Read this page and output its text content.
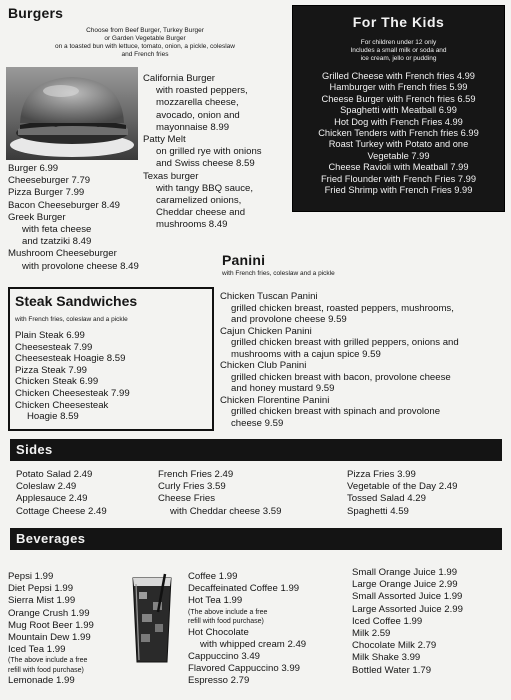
Burgers
Choose from Beef Burger, Turkey Burger
or Garden Vegetable Burger
on a toasted bun with lettuce, tomato, onion, a pickle, coleslaw
and French fries
California Burger
with roasted peppers,
mozzarella cheese,
avocado, onion and
mayonnaise 8.99
Patty Melt
on grilled rye with onions
and Swiss cheese 8.59
Texas burger
with tangy BBQ sauce,
caramelized onions,
Cheddar cheese and
mushrooms 8.49
Burger 6.99
Cheeseburger 7.79
Pizza Burger 7.99
Bacon Cheeseburger 8.49
Greek Burger
with feta cheese
and tzatziki 8.49
Mushroom Cheeseburger
with provolone cheese 8.49
For The Kids
For children under 12 only
Includes a small milk or soda and
ice cream, jello or pudding
Grilled Cheese with French fries 4.99
Hamburger with French fries 5.99
Cheese Burger with French fries 6.59
Spaghetti with Meatball 6.99
Hot Dog with French Fries 4.99
Chicken Tenders with French fries 6.99
Roast Turkey with Potato and one
Vegetable 7.99
Cheese Ravioli with Meatball 7.99
Fried Flounder with French Fries 7.99
Fried Shrimp with French Fries 9.99
Panini
with French fries, coleslaw and a pickle
Chicken Tuscan Panini
grilled chicken breast, roasted peppers, mushrooms,
and provolone cheese 9.59
Cajun Chicken Panini
grilled chicken breast with grilled peppers, onions and
mushrooms with a cajun spice 9.59
Chicken Club Panini
grilled chicken breast with bacon, provolone cheese
and honey mustard 9.59
Chicken Florentine Panini
grilled chicken breast with spinach and provolone
cheese 9.59
Steak Sandwiches
with French fries, coleslaw and a pickle
Plain Steak 6.99
Cheesesteak 7.99
Cheesesteak Hoagie 8.59
Pizza Steak 7.99
Chicken Steak 6.99
Chicken Cheesesteak 7.99
Chicken Cheesesteak
Hoagie 8.59
Sides
Potato Salad 2.49
Coleslaw 2.49
Applesauce 2.49
Cottage Cheese 2.49
French Fries 2.49
Curly Fries 3.59
Cheese Fries
with Cheddar cheese 3.59
Pizza Fries 3.99
Vegetable of the Day 2.49
Tossed Salad 4.29
Spaghetti 4.59
Beverages
Pepsi 1.99
Diet Pepsi 1.99
Sierra Mist 1.99
Orange Crush 1.99
Mug Root Beer 1.99
Mountain Dew 1.99
Iced Tea 1.99
(The above include a free
refill with food purchase)
Lemonade 1.99
Coffee 1.99
Decaffeinated Coffee 1.99
Hot Tea 1.99
(The above include a free
refill with food purchase)
Hot Chocolate
with whipped cream 2.49
Cappuccino 3.49
Flavored Cappuccino 3.99
Espresso 2.79
Small Orange Juice 1.99
Large Orange Juice 2.99
Small Assorted Juice 1.99
Large Assorted Juice 2.99
Iced Coffee 1.99
Milk 2.59
Chocolate Milk 2.79
Milk Shake 3.99
Bottled Water 1.79
